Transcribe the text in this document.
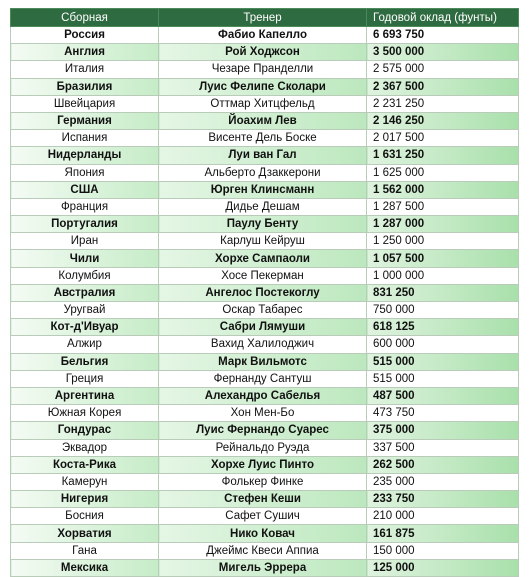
Сборная	Тренер	Годовой оклад (фунты)
Россия	Фабио Капелло	6 693 750
Англия	Рой Ходжсон	3 500 000
Италия	Чезаре Пранделли	2 575 000
Бразилия	Луис Фелипе Сколари	2 367 500
Швейцария	Оттмар Хитцфельд	2 231 250
Германия	Йоахим Лев	2 146 250
Испания	Висенте Дель Боске	2 017 500
Нидерланды	Луи ван Гал	1 631 250
Япония	Альберто Дзаккерони	1 625 000
США	Юрген Клинсманн	1 562 000
Франция	Дидье Дешам	1 287 500
Португалия	Паулу Бенту	1 287 000
Иран	Карлуш Кейруш	1 250 000
Чили	Хорхе Сампаоли	1 057 500
Колумбия	Хосе Пекерман	1 000 000
Австралия	Ангелос Постекоглу	831 250
Уругвай	Оскар Табарес	750 000
Кот-д'Ивуар	Сабри Лямуши	618 125
Алжир	Вахид Халилоджич	600 000
Бельгия	Марк Вильмотс	515 000
Греция	Фернанду Сантуш	515 000
Аргентина	Алехандро Сабелья	487 500
Южная Корея	Хон Мен-Бо	473 750
Гондурас	Луис Фернандо Суарес	375 000
Эквадор	Рейнальдо Руэда	337 500
Коста-Рика	Хорхе Луис Пинто	262 500
Камерун	Фолькер Финке	235 000
Нигерия	Стефен Кеши	233 750
Босния	Сафет Сушич	210 000
Хорватия	Нико Ковач	161 875
Гана	Джеймс Квеси Аппиа	150 000
Мексика	Мигель Эррера	125 000
